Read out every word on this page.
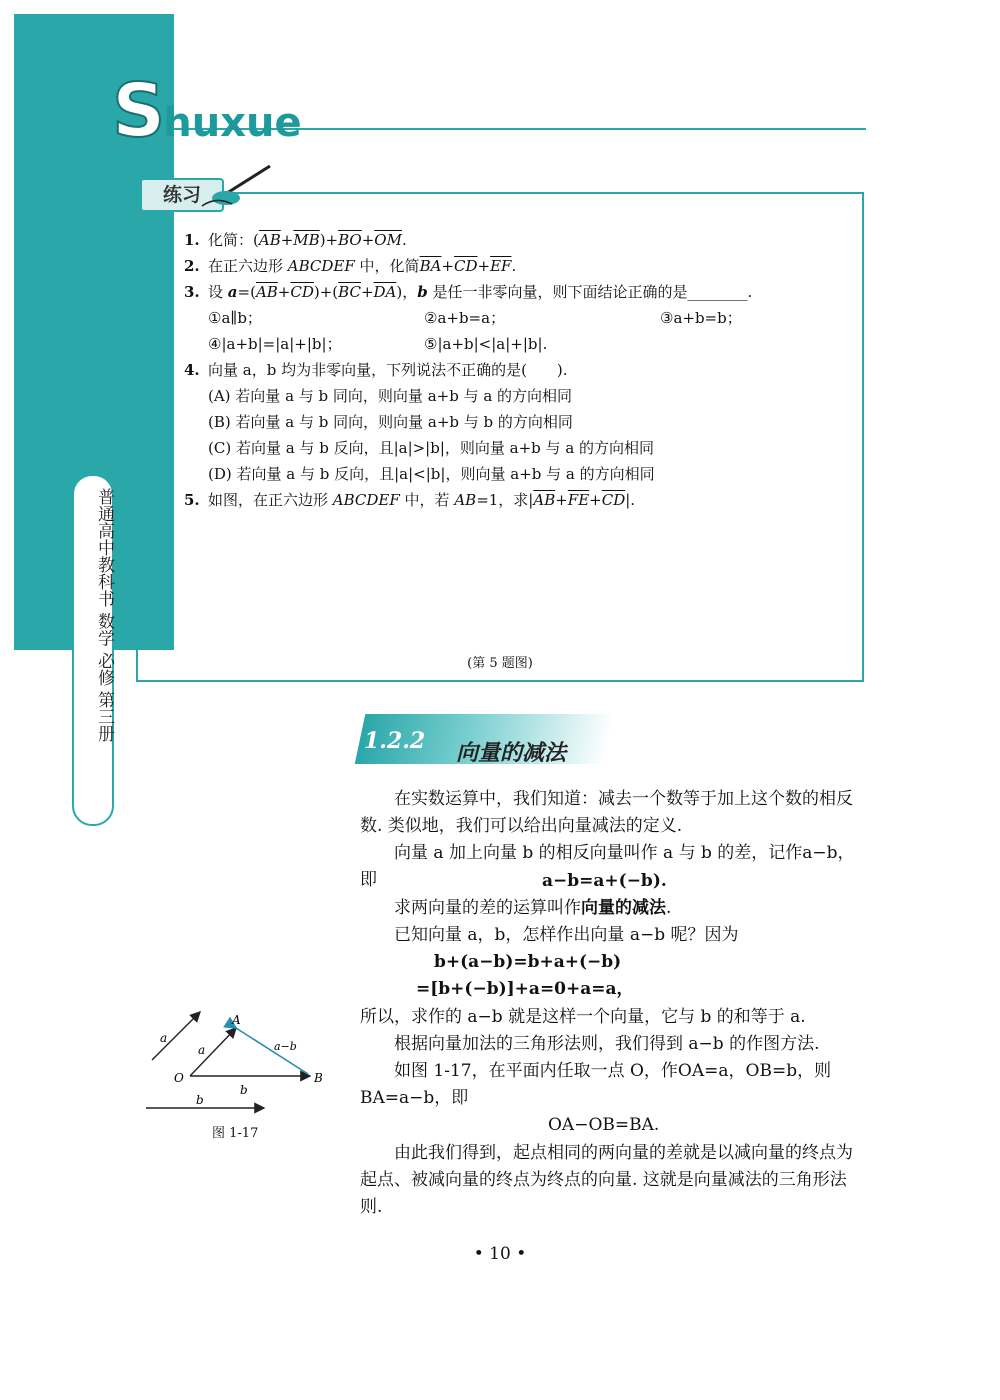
Shuxue
普通高中教科书 数学 必修 第三册
练习
1. 化简：$(\overline{AB}+\overline{MB})+\overline{BO}+\overline{OM}$.
2. 在正六边形 ABCDEF 中，化简$\overline{BA}+\overline{CD}+\overline{EF}$.
3. 设 $a=(\overline{AB}+\overline{CD})+(\overline{BC}+\overline{DA})$，b 是任一非零向量，则下面结论正确的是________.
①a∥b；	②a+b=a；	③a+b=b；
④|a+b|=|a|+|b|；	⑤|a+b|<|a|+|b|.
4. 向量 a，b 均为非零向量，下列说法不正确的是(　　).
(A) 若向量 a 与 b 同向，则向量 a+b 与 a 的方向相同
(B) 若向量 a 与 b 同向，则向量 a+b 与 b 的方向相同
(C) 若向量 a 与 b 反向，且|a|>|b|，则向量 a+b 与 a 的方向相同
(D) 若向量 a 与 b 反向，且|a|<|b|，则向量 a+b 与 a 的方向相同
5. 如图，在正六边形 ABCDEF 中，若 AB=1，求$|\overline{AB}+\overline{FE}+\overline{CD}|$.
(第 5 题图)
1.2.2 向量的减法
在实数运算中，我们知道：减去一个数等于加上这个数的相反数. 类似地，我们可以给出向量减法的定义.
向量 a 加上向量 b 的相反向量叫作 a 与 b 的差，记作a−b，即	a−b=a+(−b).
求两向量的差的运算叫作向量的减法.
已知向量 a，b，怎样作出向量 a−b 呢？因为
b+(a−b)=b+a+(−b)
=[b+(−b)]+a=0+a=a，
所以，求作的 a−b 就是这样一个向量，它与 b 的和等于 a.
根据向量加法的三角形法则，我们得到 a−b 的作图方法.
如图 1-17，在平面内任取一点 O，作OA=a，OB=b，则 BA=a−b，即
OA−OB=BA.
由此我们得到，起点相同的两向量的差就是以减向量的终点为起点、被减向量的终点为终点的向量. 这就是向量减法的三角形法则.
A
O	B
a
a	a−b
b
b
图 1-17
• 10 •
